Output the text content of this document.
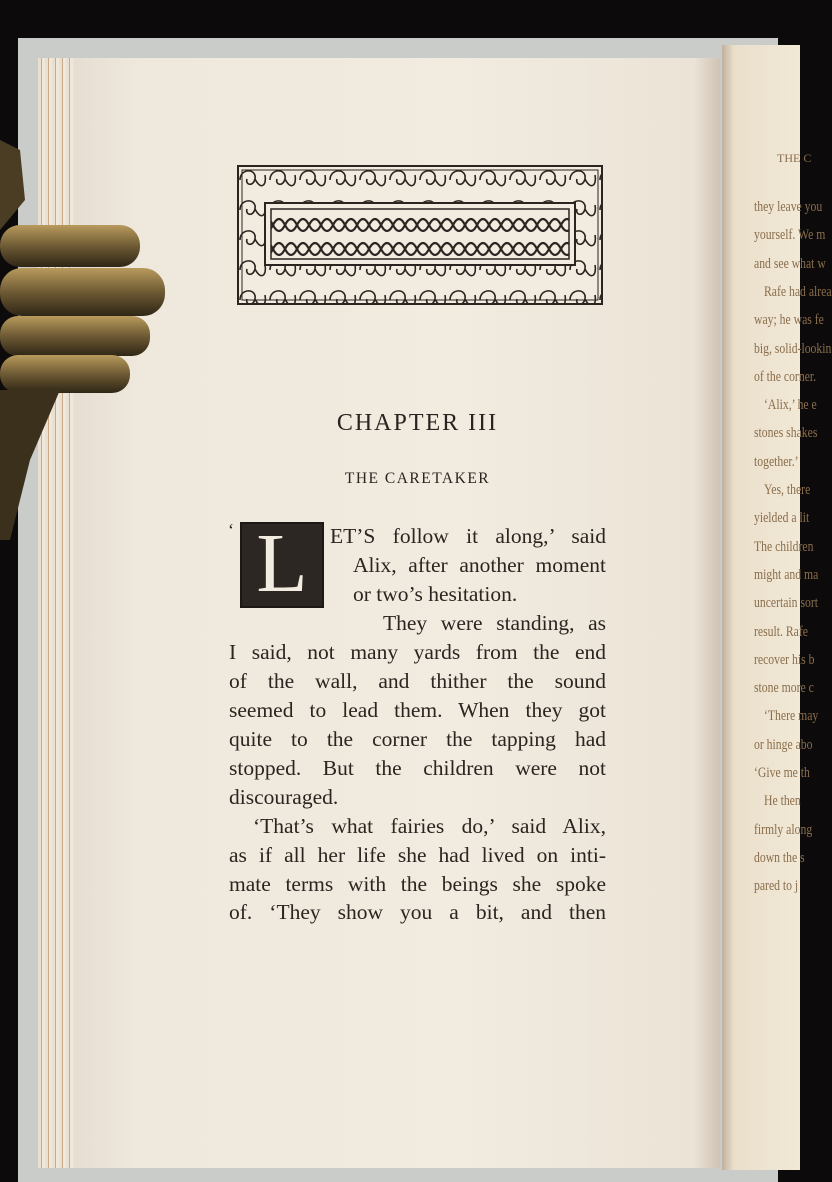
CHAPTER III
THE CARETAKER
‘ L	ET’S follow it along,’ said
Alix, after another moment
or two’s hesitation.
They were standing, as
I said, not many yards from the end
of the wall, and thither the sound
seemed to lead them. When they got
quite to the corner the tapping had
stopped. But the children were not
discouraged.
‘That’s what fairies do,’ said Alix,
as if all her life she had lived on inti-
mate terms with the beings she spoke
of. ‘They show you a bit, and then
THE C
they leave you
yourself. We m
and see what w
Rafe had alrea
way; he was fe
big, solid-lookin
of the corner.
‘Alix,’ he e
stones shakes
together.’
Yes, there
yielded a lit
The children
might and ma
uncertain sort
result. Rafe
recover his b
stone more c
‘There may
or hinge abo
‘Give me th
He then
firmly along
down the s
pared to j
